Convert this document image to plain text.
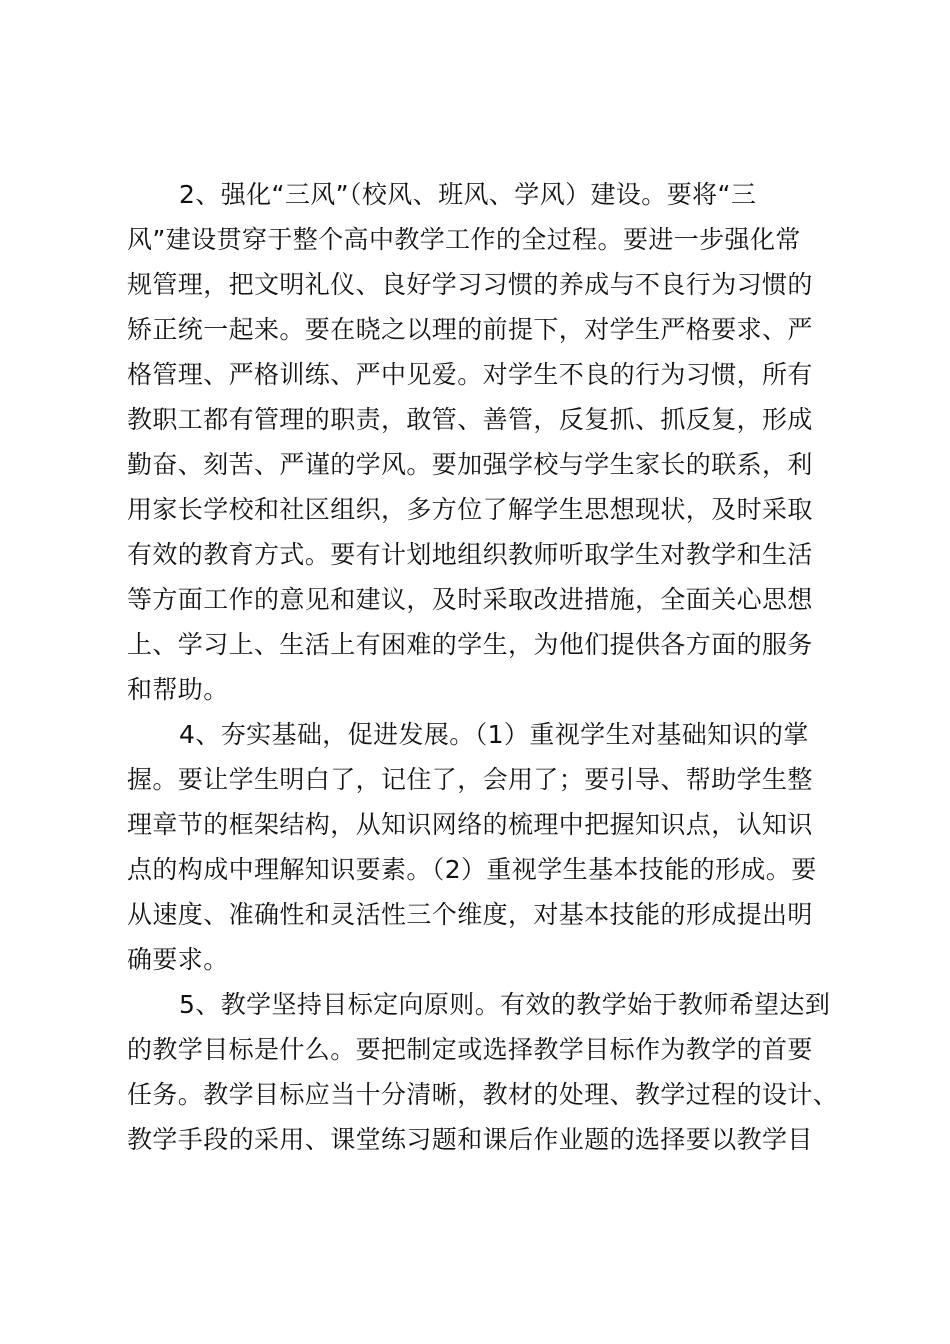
2、强化“三风”（校风、班风、学风）建设。要将“三
风”建设贯穿于整个高中教学工作的全过程。要进一步强化常
规管理，把文明礼仪、良好学习习惯的养成与不良行为习惯的
矫正统一起来。要在晓之以理的前提下，对学生严格要求、严
格管理、严格训练、严中见爱。对学生不良的行为习惯，所有
教职工都有管理的职责，敢管、善管，反复抓、抓反复，形成
勤奋、刻苦、严谨的学风。要加强学校与学生家长的联系，利
用家长学校和社区组织，多方位了解学生思想现状，及时采取
有效的教育方式。要有计划地组织教师听取学生对教学和生活
等方面工作的意见和建议，及时采取改进措施，全面关心思想
上、学习上、生活上有困难的学生，为他们提供各方面的服务
和帮助。

4、夯实基础，促进发展。（1）重视学生对基础知识的掌
握。要让学生明白了，记住了，会用了；要引导、帮助学生整
理章节的框架结构，从知识网络的梳理中把握知识点，认知识
点的构成中理解知识要素。（2）重视学生基本技能的形成。要
从速度、准确性和灵活性三个维度，对基本技能的形成提出明
确要求。

5、教学坚持目标定向原则。有效的教学始于教师希望达到
的教学目标是什么。要把制定或选择教学目标作为教学的首要
任务。教学目标应当十分清晰，教材的处理、教学过程的设计、
教学手段的采用、课堂练习题和课后作业题的选择要以教学目
